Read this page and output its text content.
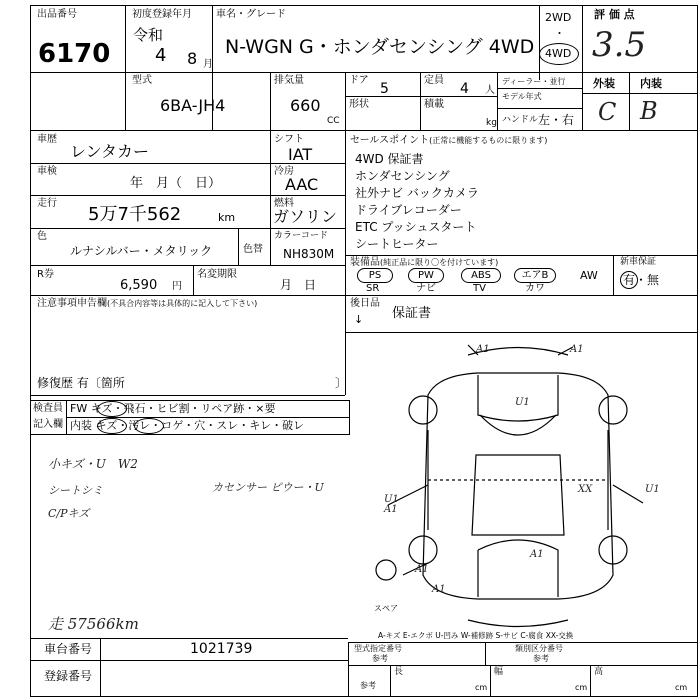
出品番号
6170
初度登録年月
令和
4 8 月
車名・グレード
N-WGN G・ホンダセンシング 4WD
2WD
・
4WD
評 価 点
3.5
外装 内装
C B
型式
6BA-JH4
排気量
660
CC
ドア
5
形状
定員
4 人
積載
kg
ディーラー・並行
モデル年式
ハンドル 左・右
車歴
レンタカー
シフト
IAT
車検
年　月（　日）
冷房
AAC
走行
5万7千562	km
燃料
ガソリン
色
ルナシルバー・メタリック	色替
カラーコード
NH830M
R券
6,590 円
名変期限
月　日
セールスポイント(正常に機能するものに限ります)
4WD 保証書
ホンダセンシング
社外ナビ バックカメラ
ドライブレコーダー
ETC プッシュスタート
シートヒーター
装備品(純正品に限り〇を付けています)
PS	PW	ABS	エアB	AW
SR	ナビ	TV	カワ
新車保証
有・無
注意事項申告欄(不具合内容等は具体的に記入して下さい)
修復歴 有〔箇所	〕
後日品
↓ 保証書
検査員
記入欄
FW キズ・飛石・ヒビ割・リペア跡・×要
内装 キズ・汚レ・コゲ・穴・スレ・キレ・破レ
小キズ・U　W2
シートシミ
C/Pキズ
カセンサー ピウー・U
走 57566km
A1	A1
U1
U1 A1
XX	U1
A1
A1
A1
スペア
A-キズ E-エクボ U-凹み W-補修跡 S-サビ C-腐食 XX-交換
車台番号	1021739
登録番号
型式指定番号
参考
類別区分番号
参考
長
参考	cm
幅
cm
高
cm
